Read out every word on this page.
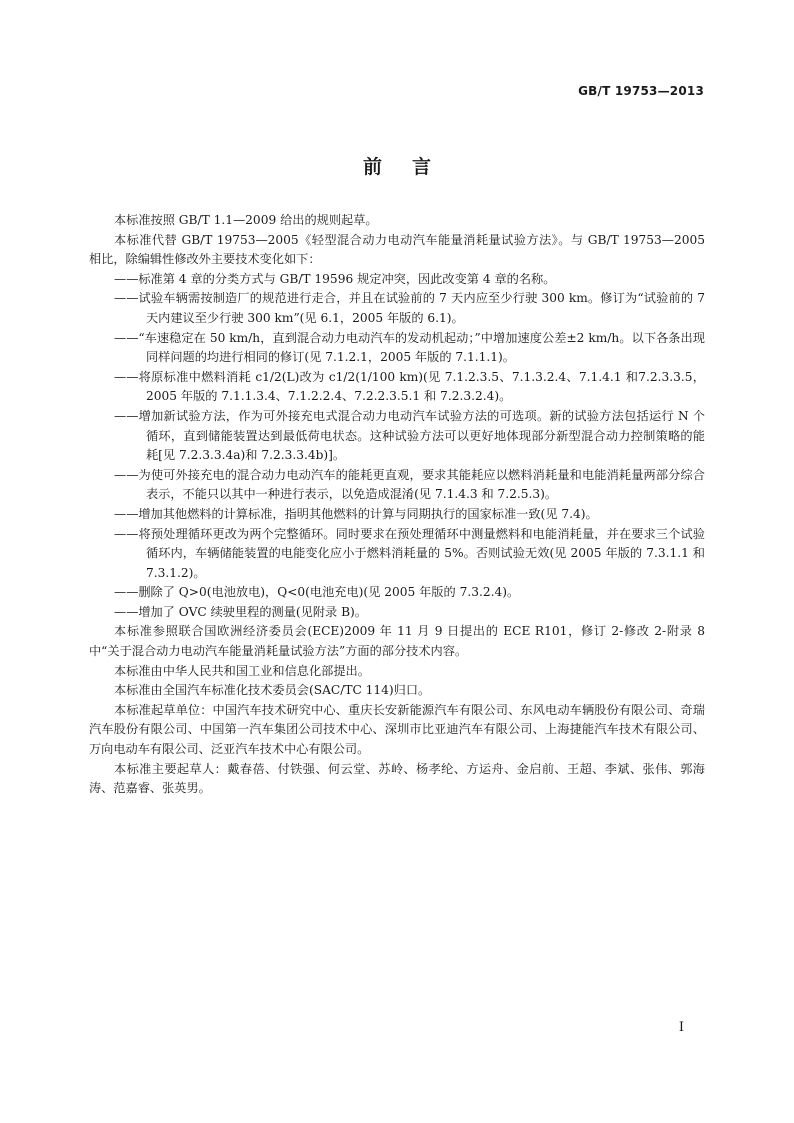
GB/T 19753—2013
前言

本标准按照 GB/T 1.1—2009 给出的规则起草。

本标准代替 GB/T 19753—2005《轻型混合动力电动汽车能量消耗量试验方法》。与 GB/T 19753—2005 相比，除编辑性修改外主要技术变化如下：

——标准第 4 章的分类方式与 GB/T 19596 规定冲突，因此改变第 4 章的名称。

——试验车辆需按制造厂的规范进行走合，并且在试验前的 7 天内应至少行驶 300 km。修订为“试验前的 7 天内建议至少行驶 300 km”(见 6.1，2005 年版的 6.1)。

——“车速稳定在 50 km/h，直到混合动力电动汽车的发动机起动；”中增加速度公差±2 km/h。以下各条出现同样问题的均进行相同的修订(见 7.1.2.1，2005 年版的 7.1.1.1)。

——将原标准中燃料消耗 c1/2(L)改为 c1/2(1/100 km)(见 7.1.2.3.5、7.1.3.2.4、7.1.4.1 和7.2.3.3.5，2005 年版的 7.1.1.3.4、7.1.2.2.4、7.2.2.3.5.1 和 7.2.3.2.4)。

——增加新试验方法，作为可外接充电式混合动力电动汽车试验方法的可选项。新的试验方法包括运行 N 个循环，直到储能装置达到最低荷电状态。这种试验方法可以更好地体现部分新型混合动力控制策略的能耗[见 7.2.3.3.4a)和 7.2.3.3.4b)]。

——为使可外接充电的混合动力电动汽车的能耗更直观，要求其能耗应以燃料消耗量和电能消耗量两部分综合表示，不能只以其中一种进行表示，以免造成混淆(见 7.1.4.3 和 7.2.5.3)。

——增加其他燃料的计算标准，指明其他燃料的计算与同期执行的国家标准一致(见 7.4)。

——将预处理循环更改为两个完整循环。同时要求在预处理循环中测量燃料和电能消耗量，并在要求三个试验循环内，车辆储能装置的电能变化应小于燃料消耗量的 5%。否则试验无效(见 2005 年版的 7.3.1.1 和 7.3.1.2)。

——删除了 Q>0(电池放电)，Q<0(电池充电)(见 2005 年版的 7.3.2.4)。

——增加了 OVC 续驶里程的测量(见附录 B)。

本标准参照联合国欧洲经济委员会(ECE)2009 年 11 月 9 日提出的 ECE R101，修订 2-修改 2-附录 8 中“关于混合动力电动汽车能量消耗量试验方法”方面的部分技术内容。

本标准由中华人民共和国工业和信息化部提出。

本标准由全国汽车标准化技术委员会(SAC/TC 114)归口。

本标准起草单位：中国汽车技术研究中心、重庆长安新能源汽车有限公司、东风电动车辆股份有限公司、奇瑞汽车股份有限公司、中国第一汽车集团公司技术中心、深圳市比亚迪汽车有限公司、上海捷能汽车技术有限公司、万向电动车有限公司、泛亚汽车技术中心有限公司。

本标准主要起草人：戴春蓓、付铁强、何云堂、苏岭、杨孝纶、方运舟、金启前、王超、李斌、张伟、郭海涛、范嘉睿、张英男。

I
